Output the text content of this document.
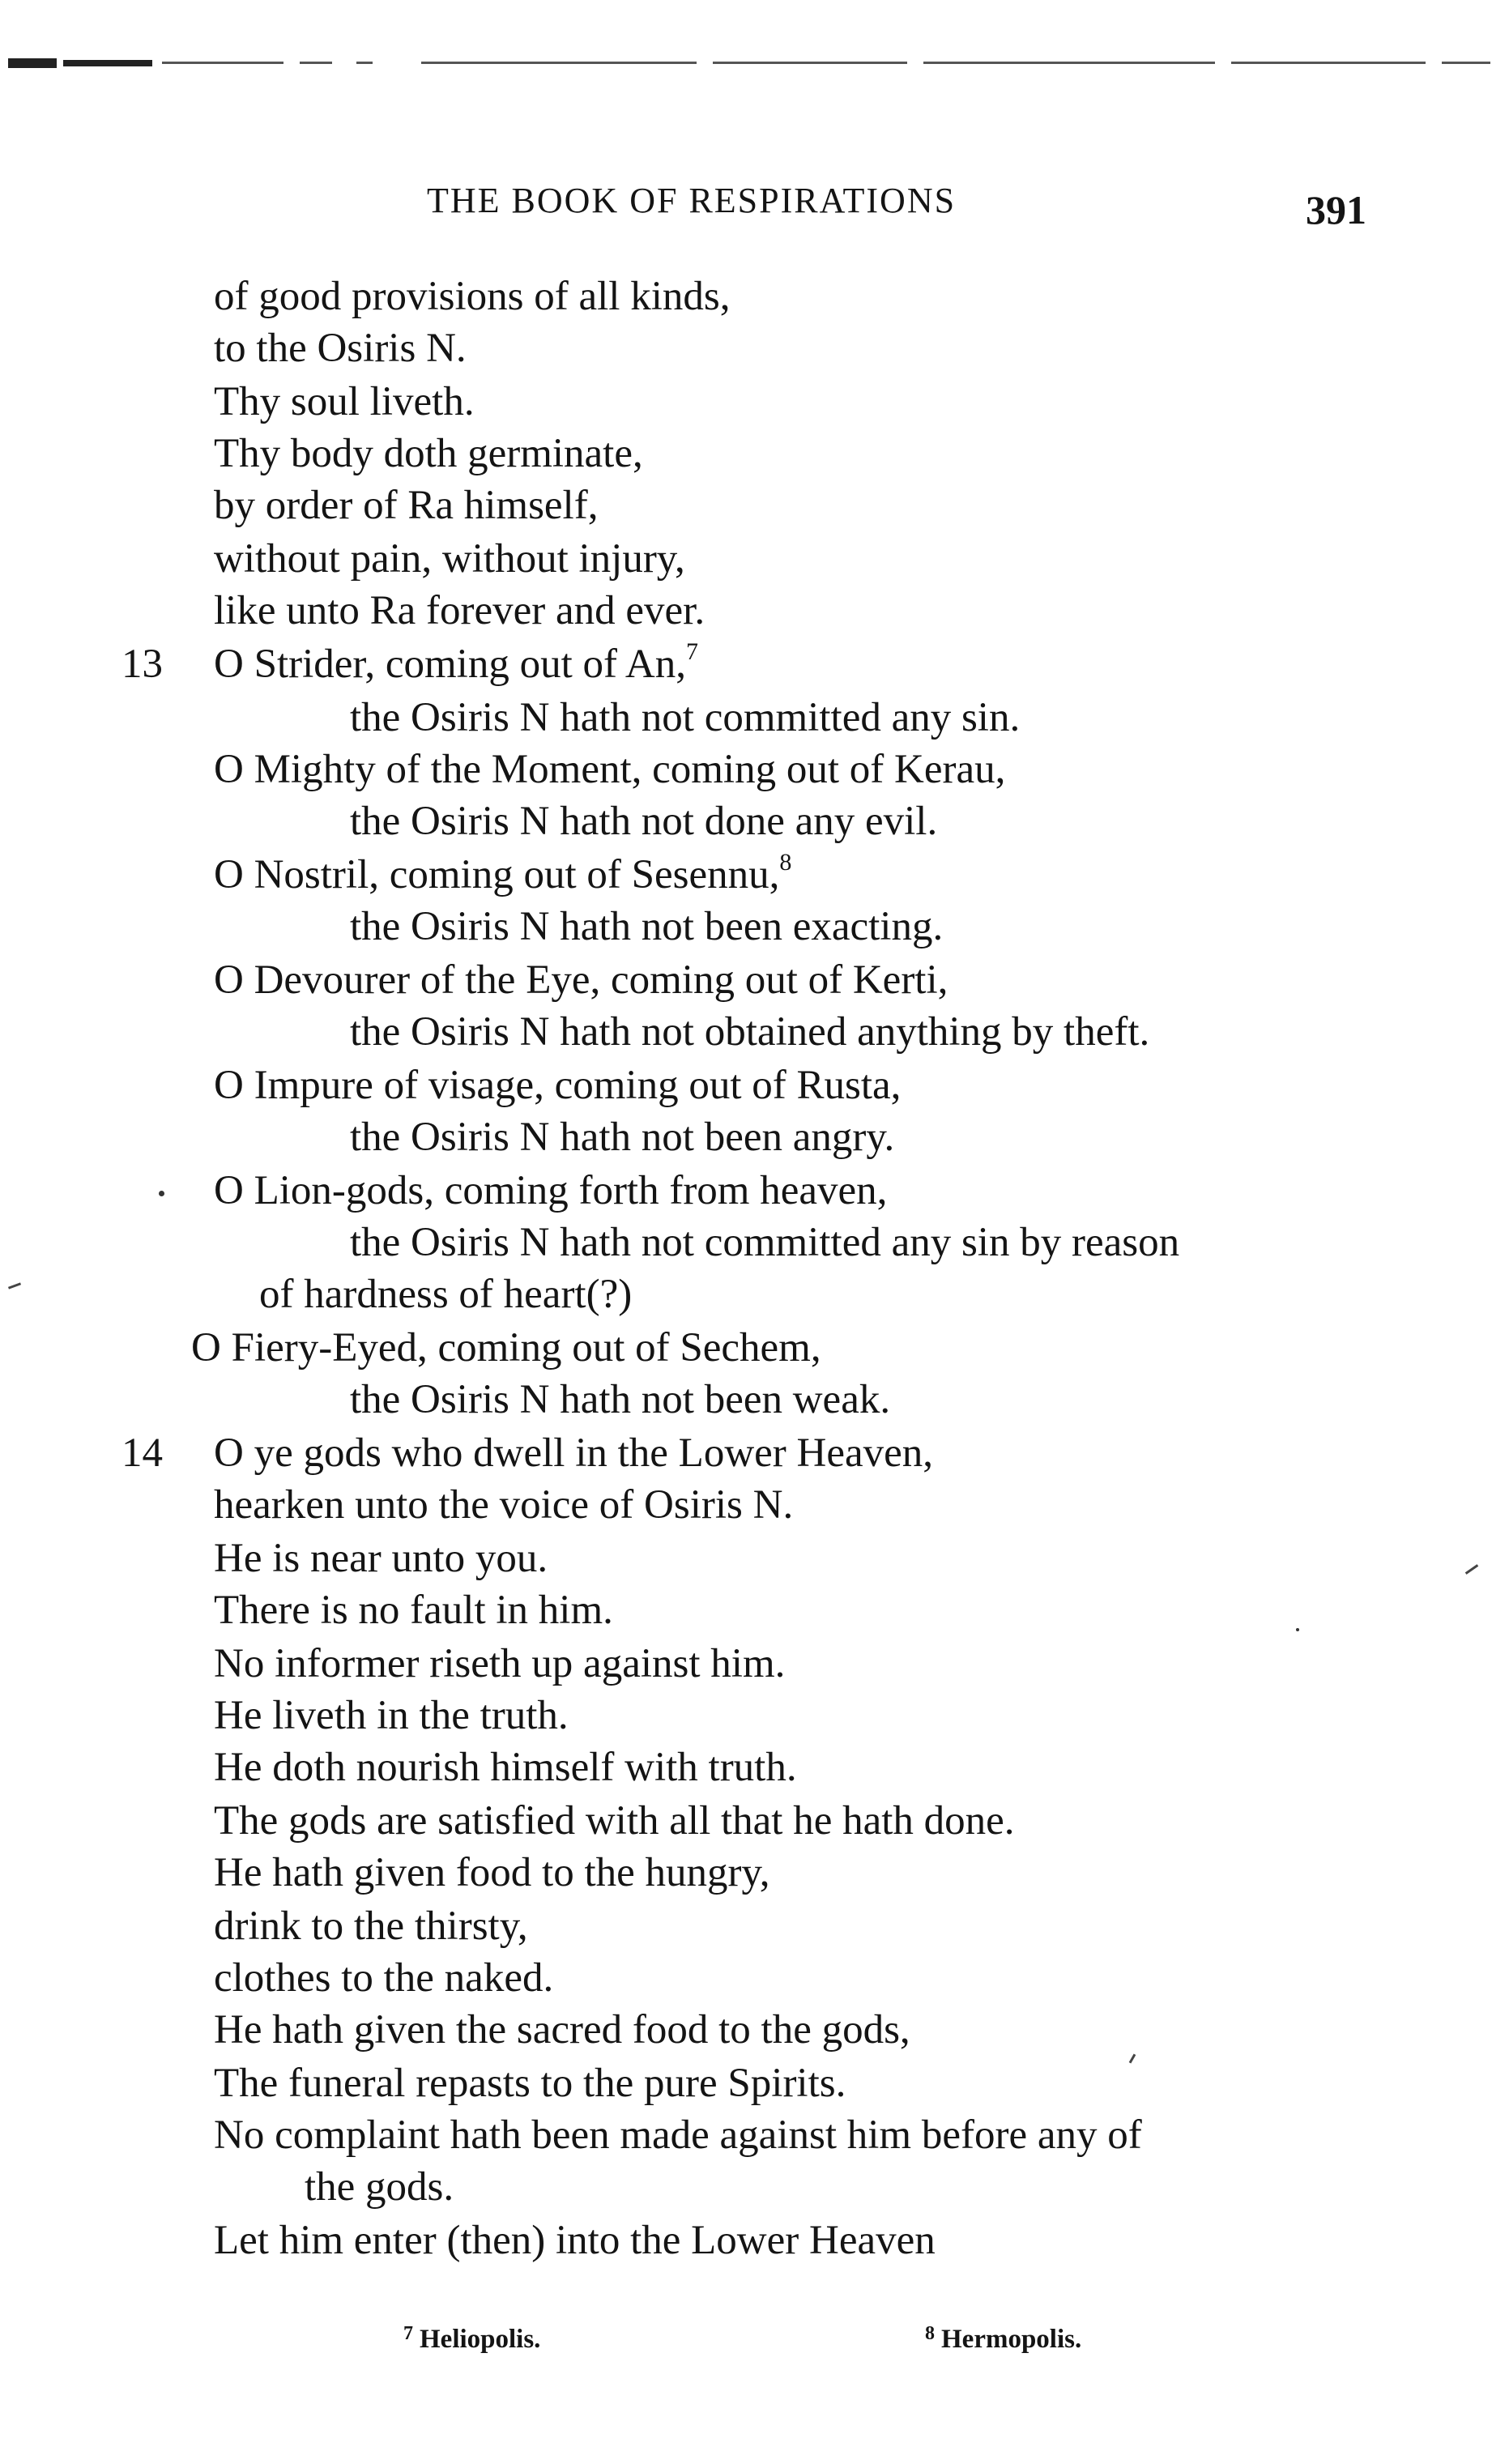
THE BOOK OF RESPIRATIONS	391
of good provisions of all kinds,
to the Osiris N.
Thy soul liveth.
Thy body doth germinate,
by order of Ra himself,
without pain, without injury,
like unto Ra forever and ever.
13 O Strider, coming out of An,$^7$
the Osiris N hath not committed any sin.
O Mighty of the Moment, coming out of Kerau,
the Osiris N hath not done any evil.
O Nostril, coming out of Sesennu,$^8$
the Osiris N hath not been exacting.
O Devourer of the Eye, coming out of Kerti,
the Osiris N hath not obtained anything by theft.
O Impure of visage, coming out of Rusta,
the Osiris N hath not been angry.
O Lion-gods, coming forth from heaven,
the Osiris N hath not committed any sin by reason
of hardness of heart(?)
O Fiery-Eyed, coming out of Sechem,
the Osiris N hath not been weak.
14 O ye gods who dwell in the Lower Heaven,
hearken unto the voice of Osiris N.
He is near unto you.
There is no fault in him.
No informer riseth up against him.
He liveth in the truth.
He doth nourish himself with truth.
The gods are satisfied with all that he hath done.
He hath given food to the hungry,
drink to the thirsty,
clothes to the naked.
He hath given the sacred food to the gods,
The funeral repasts to the pure Spirits.
No complaint hath been made against him before any of
the gods.
Let him enter (then) into the Lower Heaven
$^7$ Heliopolis.	$^8$ Hermopolis.
